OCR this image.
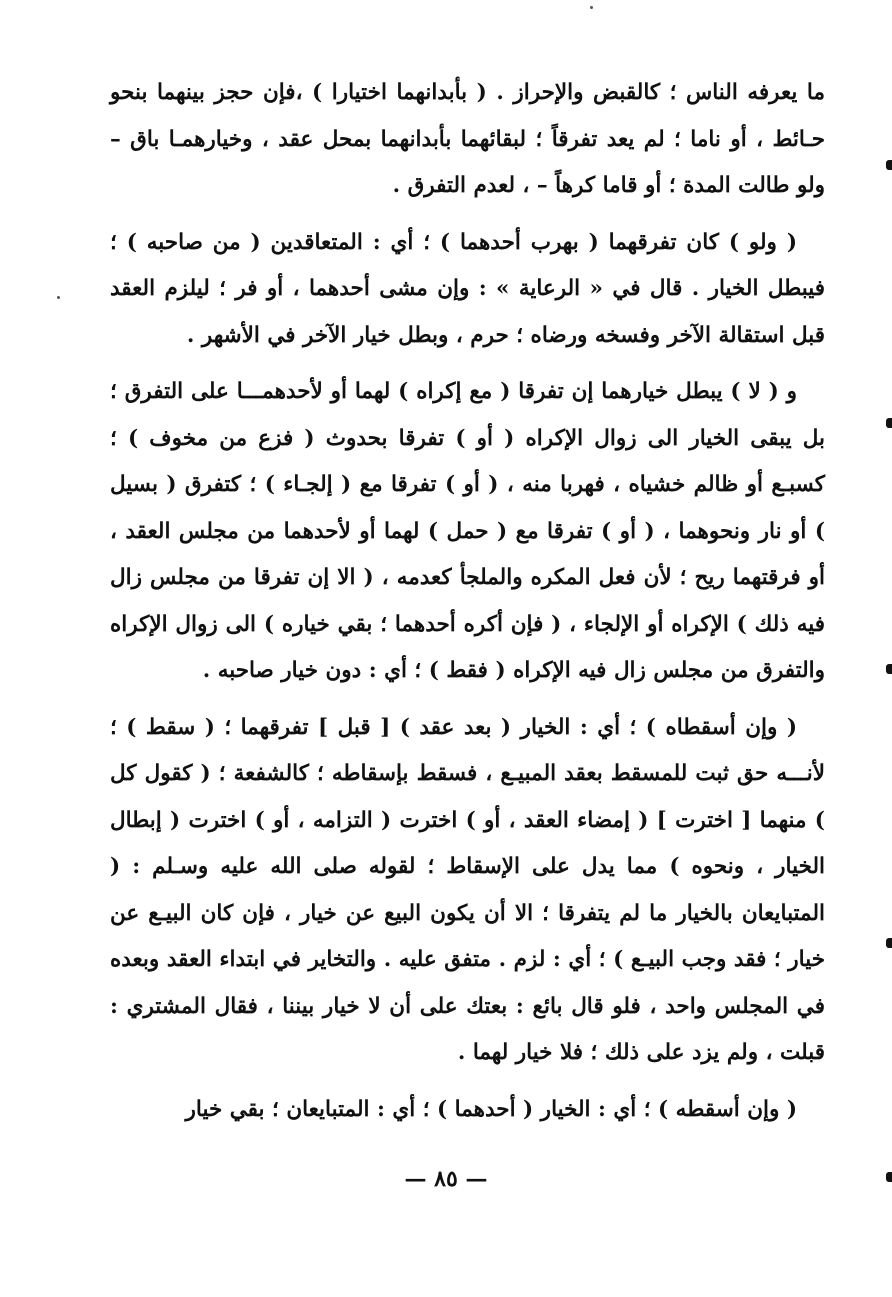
ما يعرفه الناس ؛ كالقبض والإحراز . ( بأبدانهما اختيارا ) ،فإن حجز بينهما بنحو حـائط ، أو ناما ؛ لم يعد تفرقاً ؛ لبقائهما بأبدانهما بمحل عقد ، وخيارهمـا باق – ولو طالت المدة ؛ أو قاما كرهاً – ، لعدم التفرق .

( ولو ) كان تفرقهما ( بهرب أحدهما ) ؛ أي : المتعاقدين ( من صاحبه ) ؛ فيبطل الخيار . قال في « الرعاية » : وإن مشى أحدهما ، أو فر ؛ ليلزم العقد قبل استقالة الآخر وفسخه ورضاه ؛ حرم ، وبطل خيار الآخر في الأشهر .

و ( لا ) يبطل خيارهما إن تفرقا ( مع إكراه ) لهما أو لأحدهمـــا على التفرق ؛ بل يبقى الخيار الى زوال الإكراه ( أو ) تفرقا بحدوث ( فزع من مخوف ) ؛ كسبـع أو ظالم خشياه ، فهربا منه ، ( أو ) تفرقا مع ( إلجـاء ) ؛ كتفرق ( بسيل ) أو نار ونحوهما ، ( أو ) تفرقا مع ( حمل ) لهما أو لأحدهما من مجلس العقد ، أو فرقتهما ريح ؛ لأن فعل المكره والملجأ كعدمه ، ( الا إن تفرقا من مجلس زال فيه ذلك ) الإكراه أو الإلجاء ، ( فإن أكره أحدهما ؛ بقي خياره ) الى زوال الإكراه والتفرق من مجلس زال فيه الإكراه ( فقط ) ؛ أي : دون خيار صاحبه .

( وإن أسقطاه ) ؛ أي : الخيار ( بعد عقد ) [ قبل ] تفرقهما ؛ ( سقط ) ؛ لأنـــه حق ثبت للمسقط بعقد المبيـع ، فسقط بإسقاطه ؛ كالشفعة ؛ ( كقول كل ) منهما [ اخترت ] ( إمضاء العقد ، أو ) اخترت ( التزامه ، أو ) اخترت ( إبطال الخيار ، ونحوه ) مما يدل على الإسقاط ؛ لقوله صلى الله عليه وسـلم : ( المتبايعان بالخيار ما لم يتفرقا ؛ الا أن يكون البيع عن خيار ، فإن كان البيـع عن خيار ؛ فقد وجب البيـع ) ؛ أي : لزم . متفق عليه . والتخاير في ابتداء العقد وبعده في المجلس واحد ، فلو قال بائع : بعتك على أن لا خيار بيننا ، فقال المشتري : قبلت ، ولم يزد على ذلك ؛ فلا خيار لهما .

( وإن أسقطه ) ؛ أي : الخيار ( أحدهما ) ؛ أي : المتبايعان ؛ بقي خيار

— ٨٥ —
